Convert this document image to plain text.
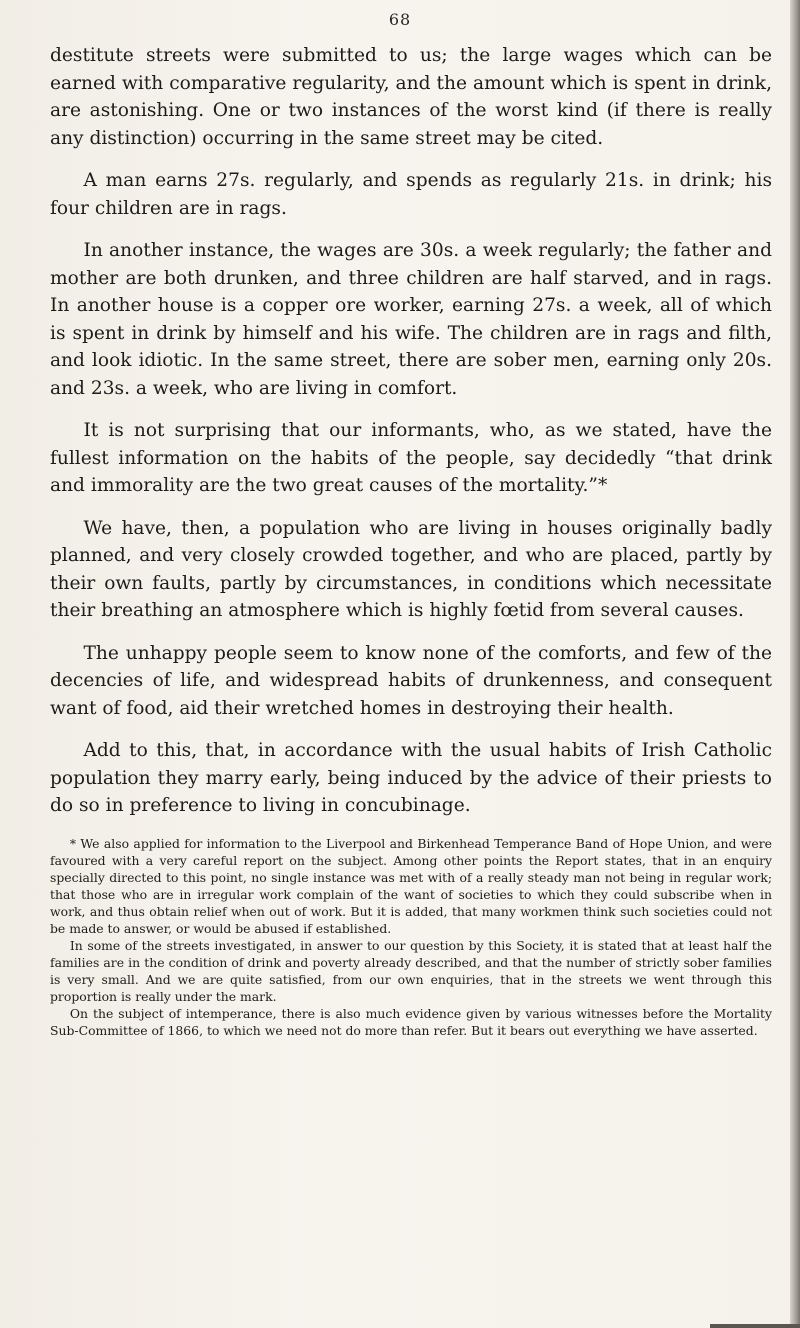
68

destitute streets were submitted to us; the large wages which can be earned with comparative regularity, and the amount which is spent in drink, are astonishing. One or two instances of the worst kind (if there is really any distinction) occurring in the same street may be cited.

A man earns 27s. regularly, and spends as regularly 21s. in drink; his four children are in rags.

In another instance, the wages are 30s. a week regularly; the father and mother are both drunken, and three children are half starved, and in rags. In another house is a copper ore worker, earning 27s. a week, all of which is spent in drink by himself and his wife. The children are in rags and filth, and look idiotic. In the same street, there are sober men, earning only 20s. and 23s. a week, who are living in comfort.

It is not surprising that our informants, who, as we stated, have the fullest information on the habits of the people, say decidedly “that drink and immorality are the two great causes of the mortality.”*

We have, then, a population who are living in houses originally badly planned, and very closely crowded together, and who are placed, partly by their own faults, partly by circumstances, in conditions which necessitate their breathing an atmosphere which is highly fœtid from several causes.

The unhappy people seem to know none of the comforts, and few of the decencies of life, and widespread habits of drunkenness, and consequent want of food, aid their wretched homes in destroying their health.

Add to this, that, in accordance with the usual habits of Irish Catholic population they marry early, being induced by the advice of their priests to do so in preference to living in concubinage.

* We also applied for information to the Liverpool and Birkenhead Temperance Band of Hope Union, and were favoured with a very careful report on the subject. Among other points the Report states, that in an enquiry specially directed to this point, no single instance was met with of a really steady man not being in regular work; that those who are in irregular work complain of the want of societies to which they could subscribe when in work, and thus obtain relief when out of work. But it is added, that many workmen think such societies could not be made to answer, or would be abused if established.

In some of the streets investigated, in answer to our question by this Society, it is stated that at least half the families are in the condition of drink and poverty already described, and that the number of strictly sober families is very small. And we are quite satisfied, from our own enquiries, that in the streets we went through this proportion is really under the mark.

On the subject of intemperance, there is also much evidence given by various witnesses before the Mortality Sub-Committee of 1866, to which we need not do more than refer. But it bears out everything we have asserted.
